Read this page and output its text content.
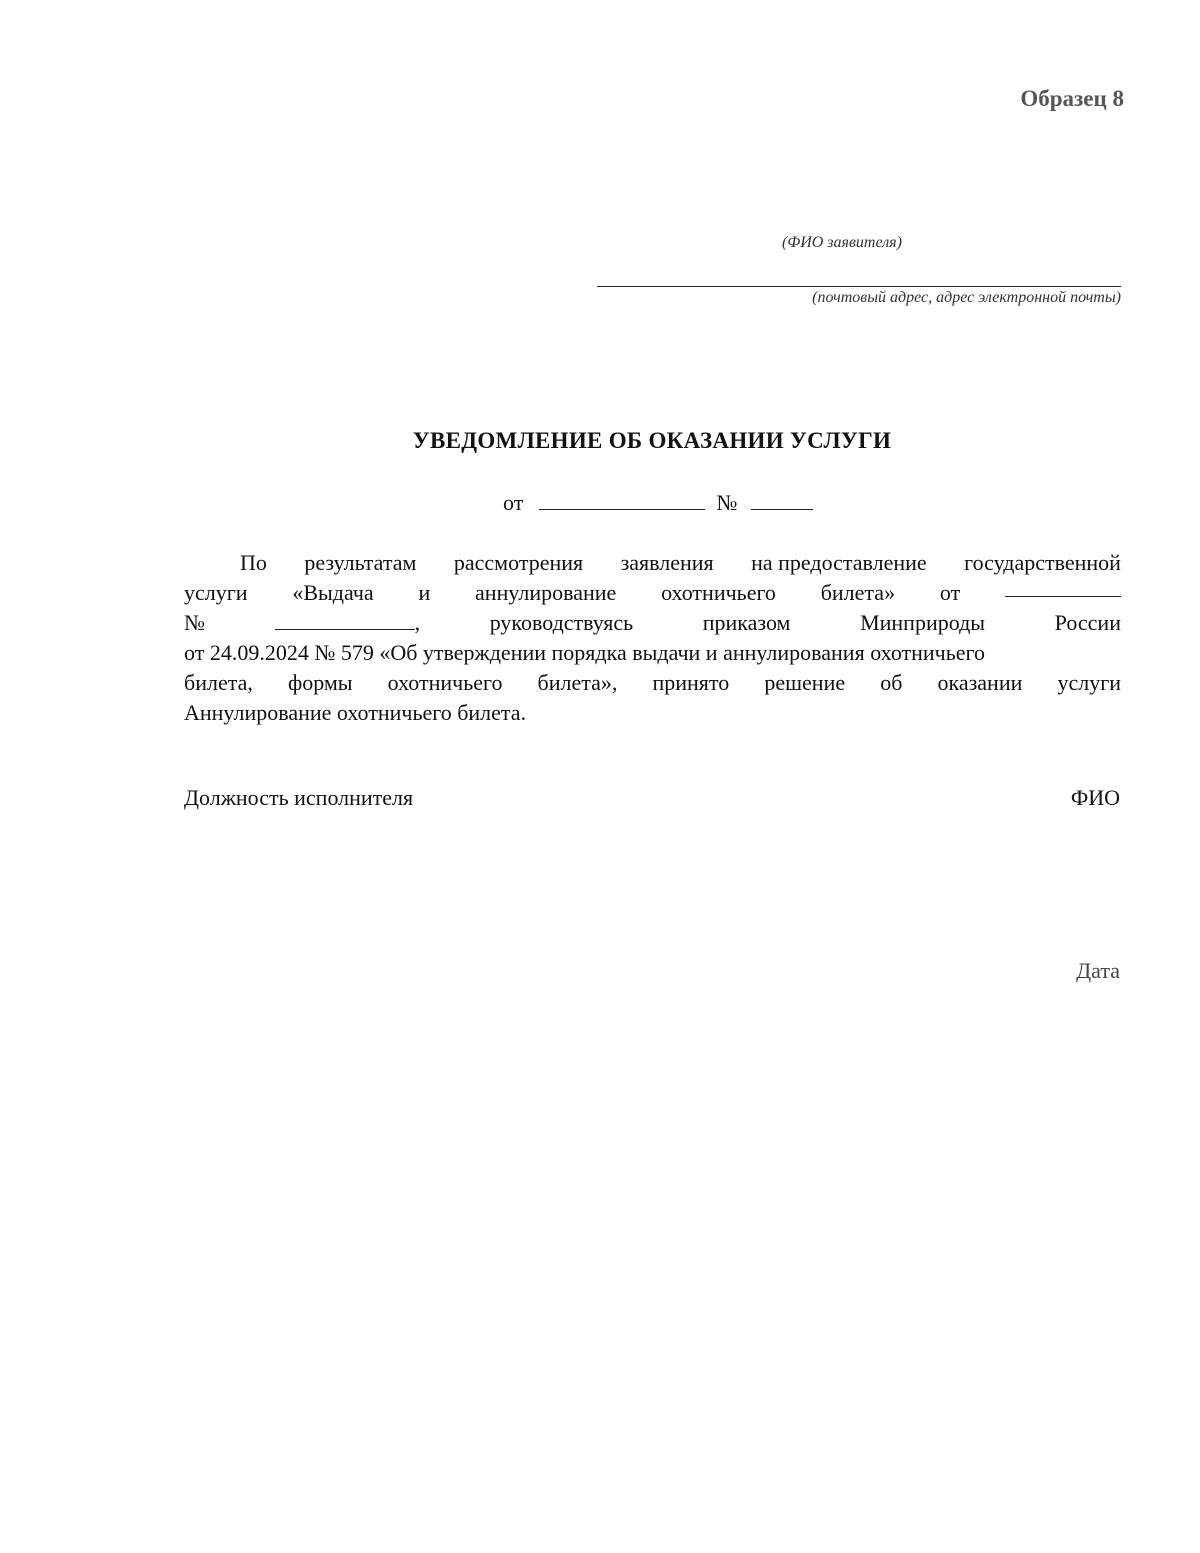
Образец 8
(ФИО заявителя)
(почтовый адрес, адрес электронной почты)
УВЕДОМЛЕНИЕ ОБ ОКАЗАНИИ УСЛУГИ
от	№
По результатам рассмотрения заявления на предоставление государственной
услуги «Выдача и аннулирование охотничьего билета» от
№	,	руководствуясь	приказом	Минприроды	России
от 24.09.2024 № 579 «Об утверждении порядка выдачи и аннулирования охотничьего
билета, формы охотничьего билета», принято решение об оказании услуги
Аннулирование охотничьего билета.
Должность исполнителя	ФИО
Дата
